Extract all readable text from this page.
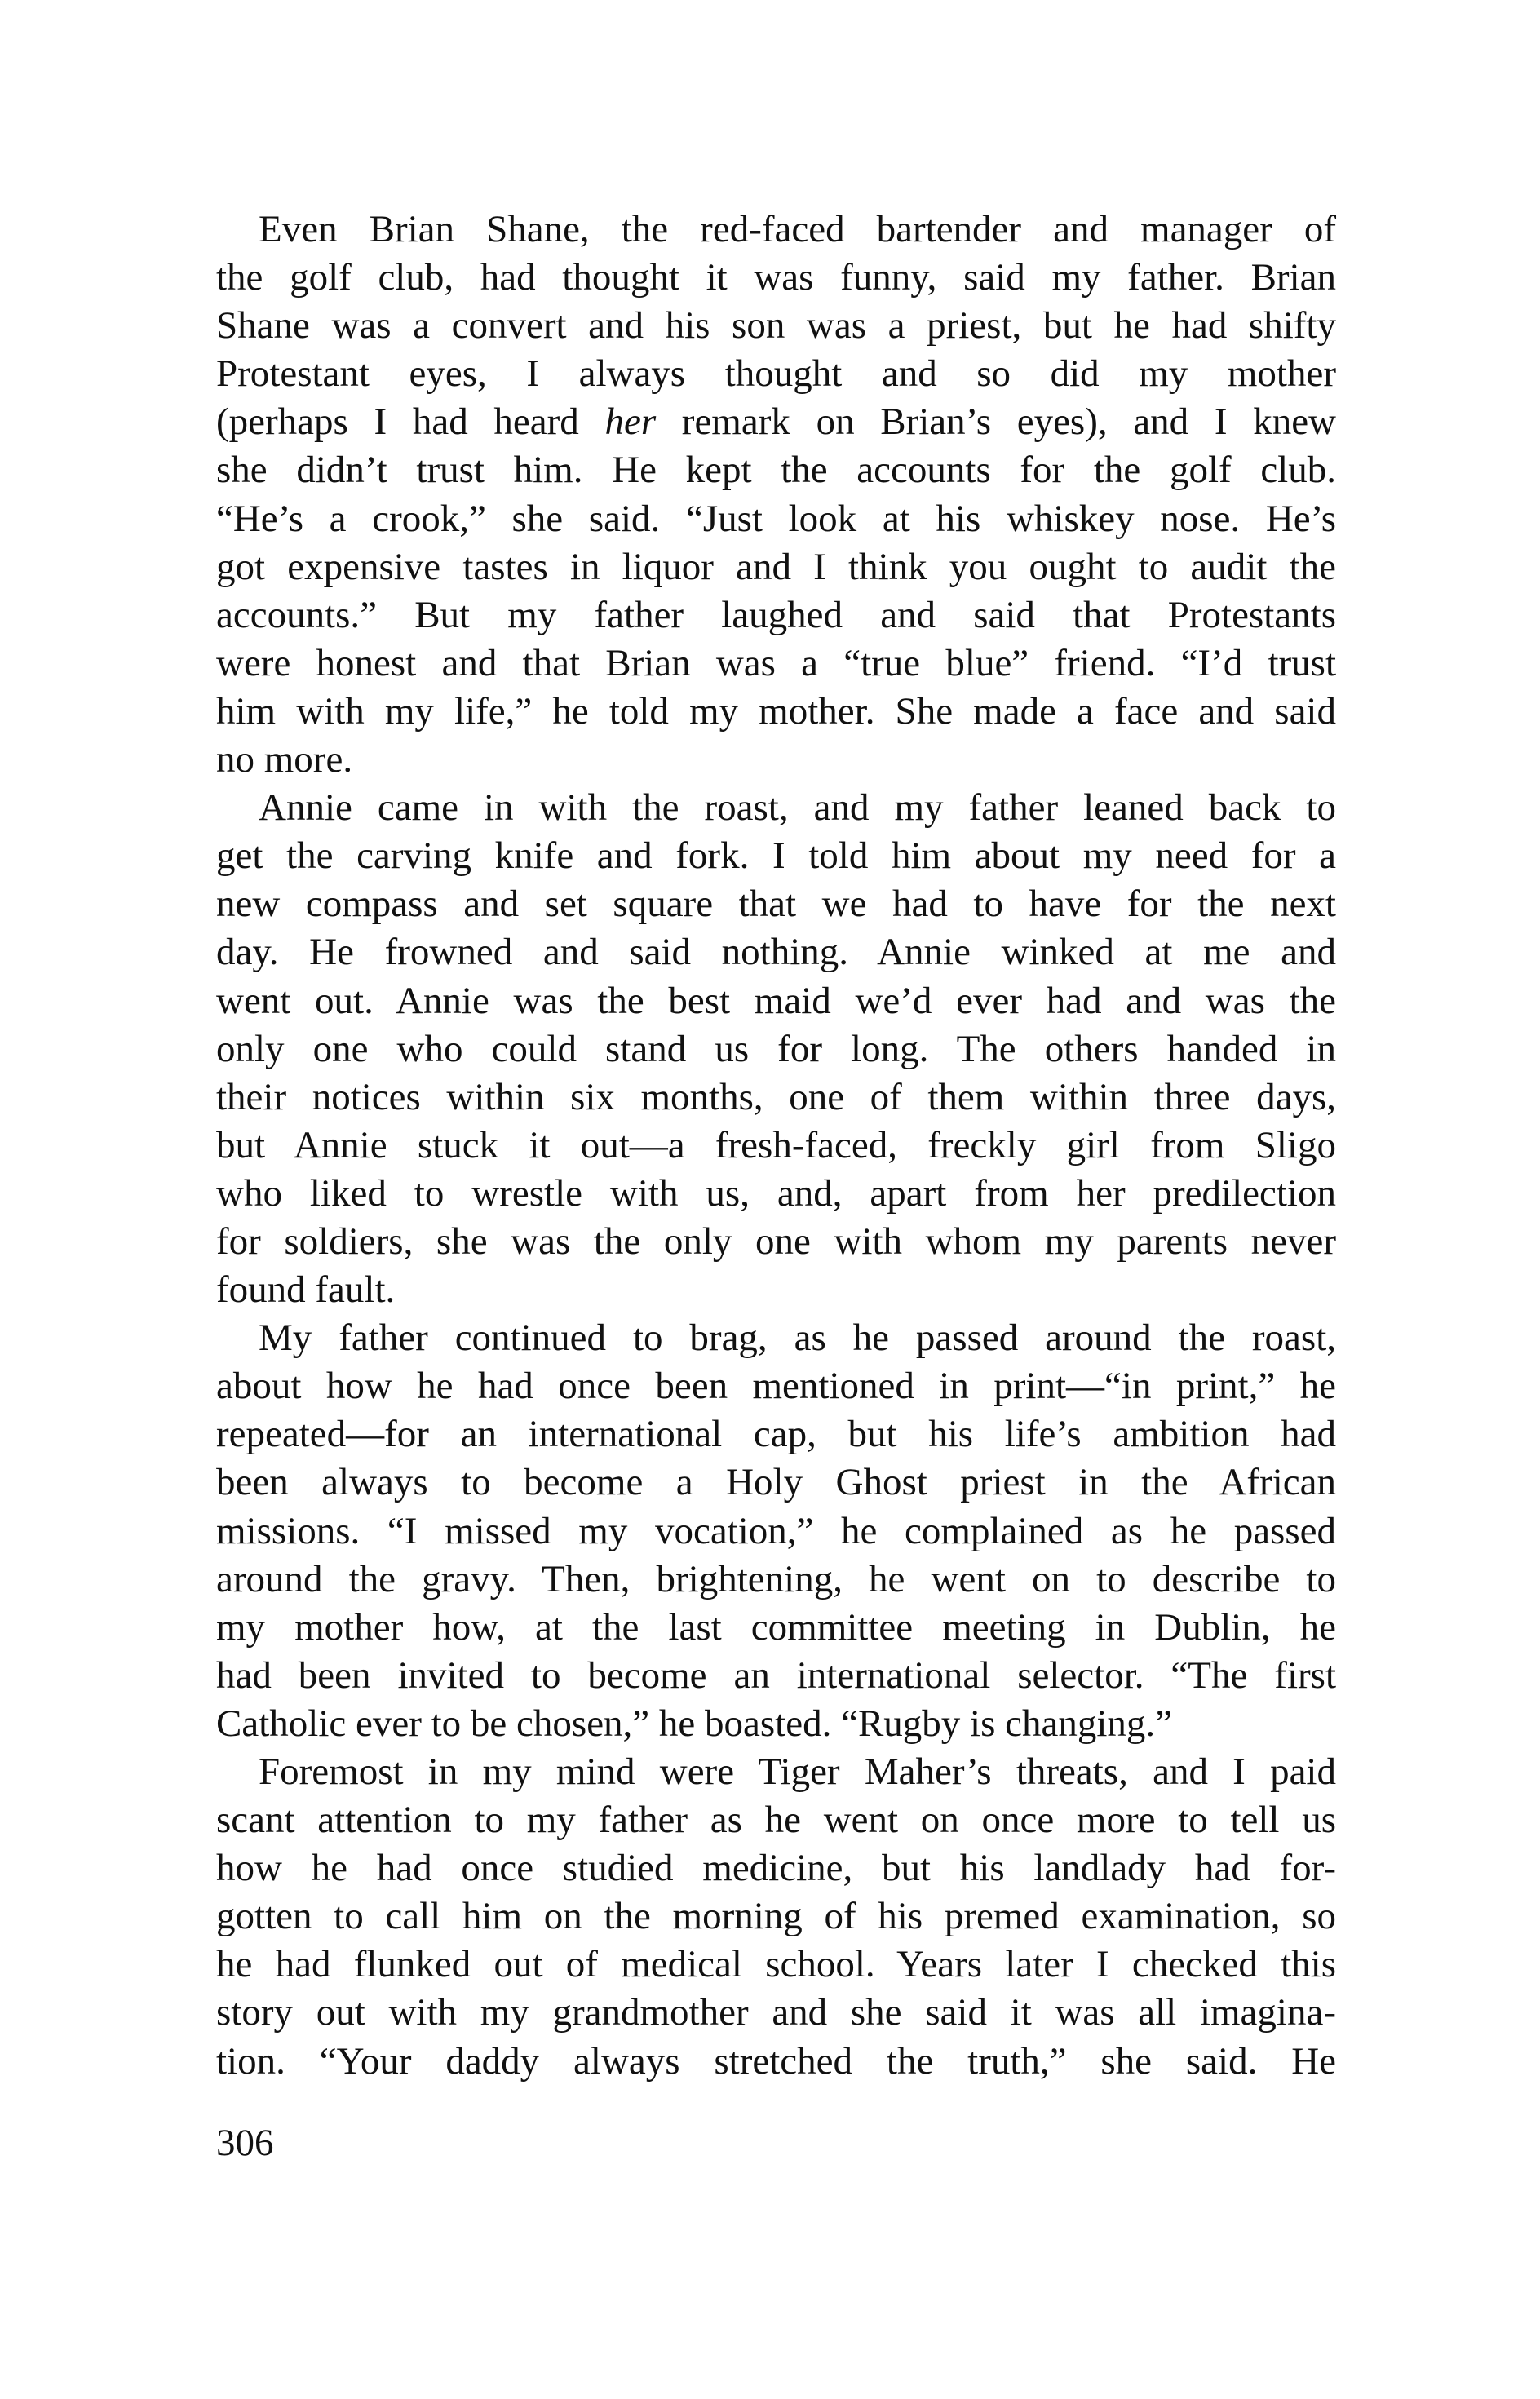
Even Brian Shane, the red-faced bartender and manager of
the golf club, had thought it was funny, said my father. Brian
Shane was a convert and his son was a priest, but he had shifty
Protestant eyes, I always thought and so did my mother
(perhaps I had heard her remark on Brian’s eyes), and I knew
she didn’t trust him. He kept the accounts for the golf club.
“He’s a crook,” she said. “Just look at his whiskey nose. He’s
got expensive tastes in liquor and I think you ought to audit the
accounts.” But my father laughed and said that Protestants
were honest and that Brian was a “true blue” friend. “I’d trust
him with my life,” he told my mother. She made a face and said
no more.
Annie came in with the roast, and my father leaned back to
get the carving knife and fork. I told him about my need for a
new compass and set square that we had to have for the next
day. He frowned and said nothing. Annie winked at me and
went out. Annie was the best maid we’d ever had and was the
only one who could stand us for long. The others handed in
their notices within six months, one of them within three days,
but Annie stuck it out—a fresh-faced, freckly girl from Sligo
who liked to wrestle with us, and, apart from her predilection
for soldiers, she was the only one with whom my parents never
found fault.
My father continued to brag, as he passed around the roast,
about how he had once been mentioned in print—“in print,” he
repeated—for an international cap, but his life’s ambition had
been always to become a Holy Ghost priest in the African
missions. “I missed my vocation,” he complained as he passed
around the gravy. Then, brightening, he went on to describe to
my mother how, at the last committee meeting in Dublin, he
had been invited to become an international selector. “The first
Catholic ever to be chosen,” he boasted. “Rugby is changing.”
Foremost in my mind were Tiger Maher’s threats, and I paid
scant attention to my father as he went on once more to tell us
how he had once studied medicine, but his landlady had for-
gotten to call him on the morning of his premed examination, so
he had flunked out of medical school. Years later I checked this
story out with my grandmother and she said it was all imagina-
tion. “Your daddy always stretched the truth,” she said. He
306
